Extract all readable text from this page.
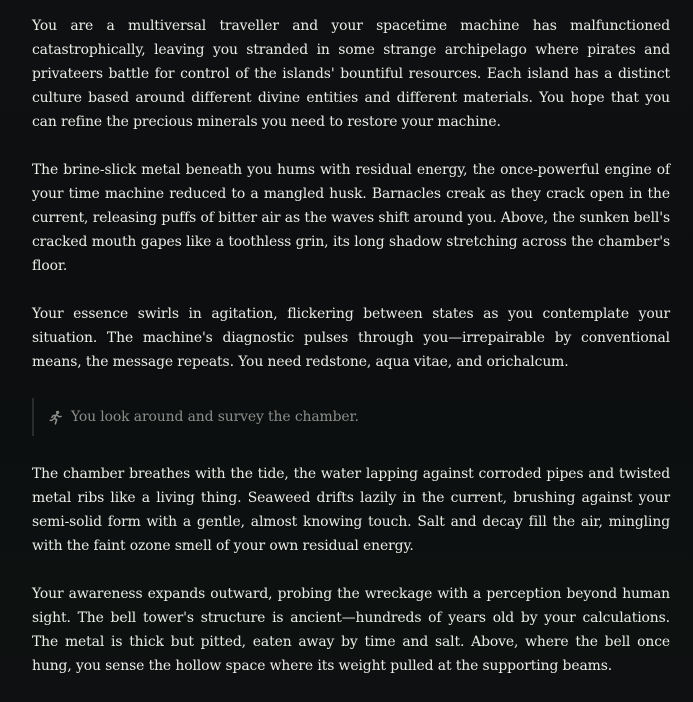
You are a multiversal traveller and your spacetime machine has malfunctioned catastrophically, leaving you stranded in some strange archipelago where pirates and privateers battle for control of the islands' bountiful resources. Each island has a distinct culture based around different divine entities and different materials. You hope that you can refine the precious minerals you need to restore your machine.

The brine-slick metal beneath you hums with residual energy, the once-powerful engine of your time machine reduced to a mangled husk. Barnacles creak as they crack open in the current, releasing puffs of bitter air as the waves shift around you. Above, the sunken bell's cracked mouth gapes like a toothless grin, its long shadow stretching across the chamber's floor.

Your essence swirls in agitation, flickering between states as you contemplate your situation. The machine's diagnostic pulses through you—irrepairable by conventional means, the message repeats. You need redstone, aqua vitae, and orichalcum.

You look around and survey the chamber.

The chamber breathes with the tide, the water lapping against corroded pipes and twisted metal ribs like a living thing. Seaweed drifts lazily in the current, brushing against your semi-solid form with a gentle, almost knowing touch. Salt and decay fill the air, mingling with the faint ozone smell of your own residual energy.

Your awareness expands outward, probing the wreckage with a perception beyond human sight. The bell tower's structure is ancient—hundreds of years old by your calculations. The metal is thick but pitted, eaten away by time and salt. Above, where the bell once hung, you sense the hollow space where its weight pulled at the supporting beams.
